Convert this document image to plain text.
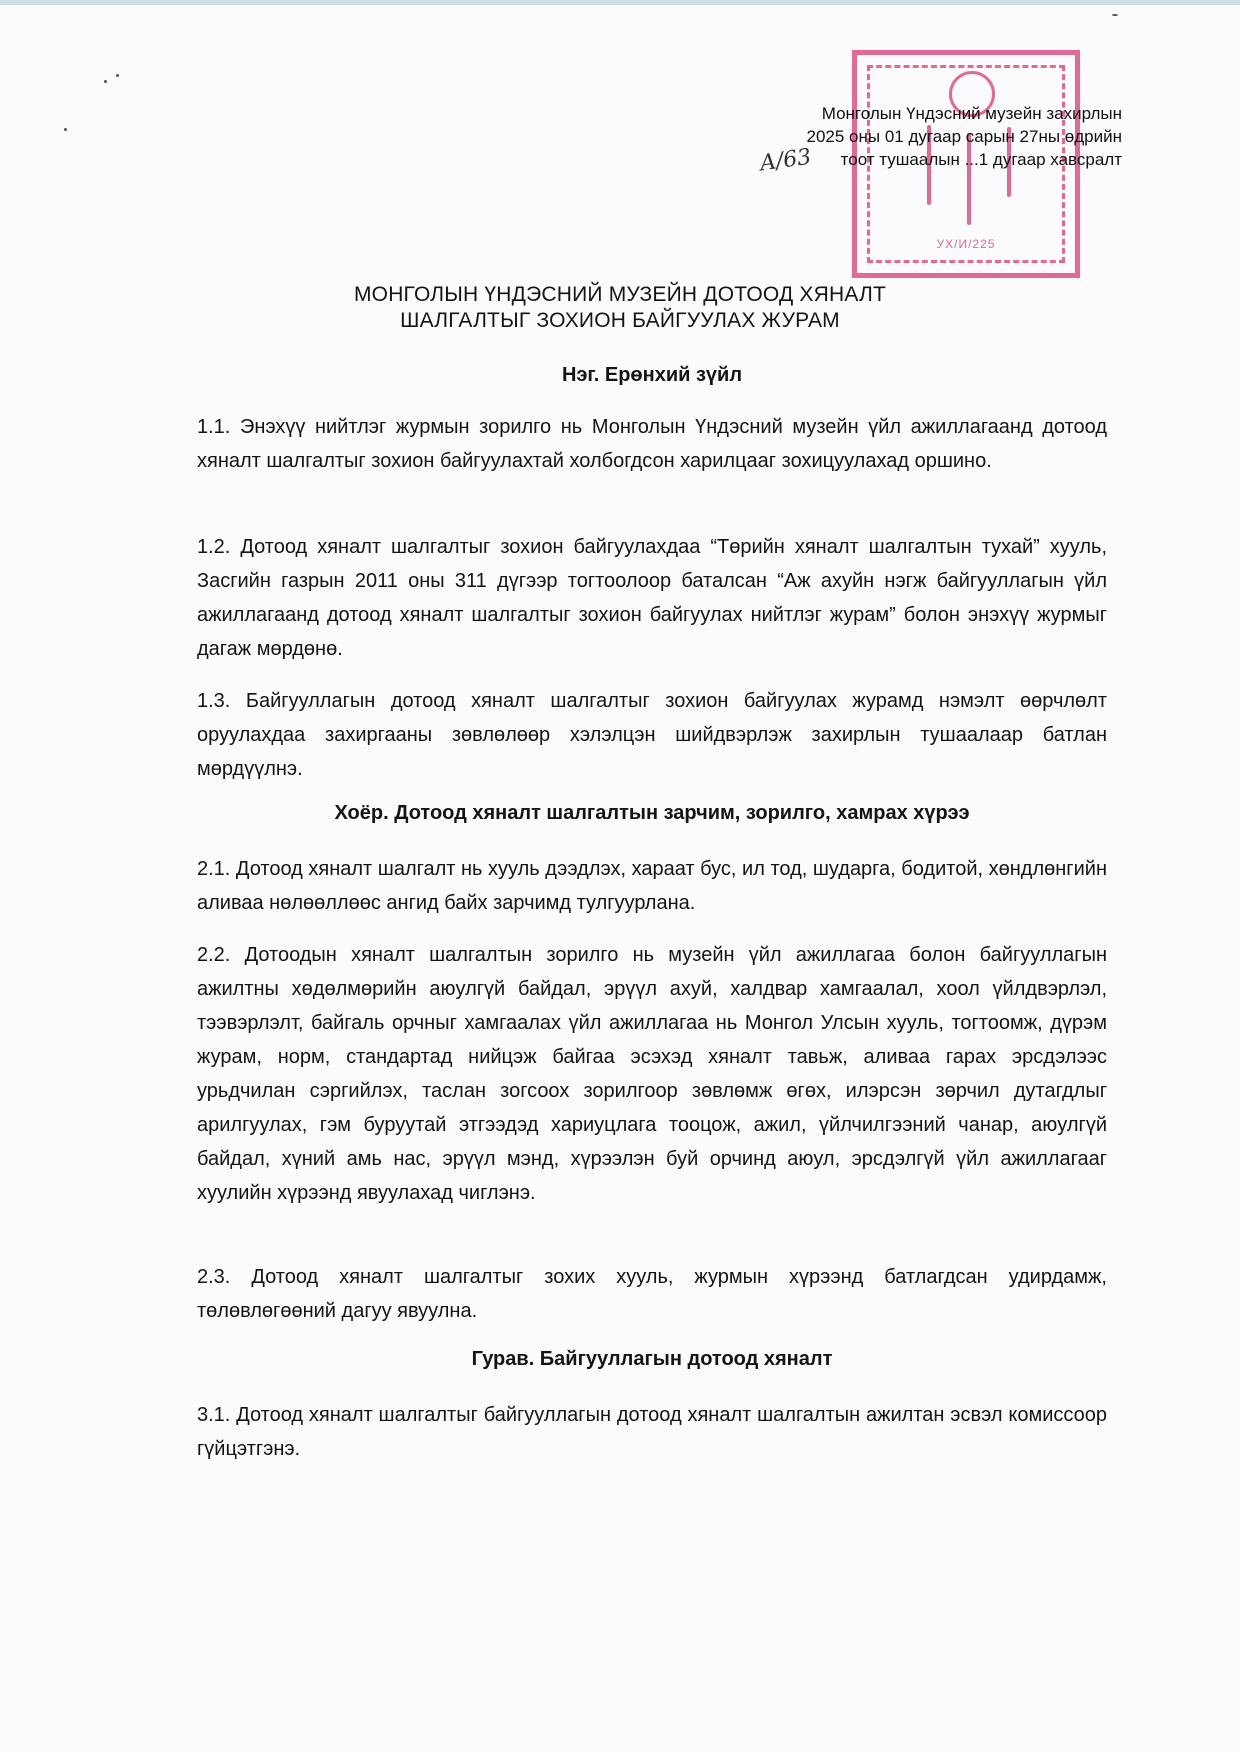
УХ/И/225
Монголын Үндэсний музейн захирлын
2025 оны 01 дугаар сарын 27ны өдрийн
тоот тушаалын ...1 дугаар хавсралт
A/63
МОНГОЛЫН ҮНДЭСНИЙ МУЗЕЙН ДОТООД ХЯНАЛТ
ШАЛГАЛТЫГ ЗОХИОН БАЙГУУЛАХ ЖУРАМ
Нэг. Ерөнхий зүйл
1.1. Энэхүү нийтлэг журмын зорилго нь Монголын Үндэсний музейн үйл ажиллагаанд дотоод хяналт шалгалтыг зохион байгуулахтай холбогдсон харилцааг зохицуулахад оршино.
1.2. Дотоод хяналт шалгалтыг зохион байгуулахдаа “Төрийн хяналт шалгалтын тухай” хууль, Засгийн газрын 2011 оны 311 дүгээр тогтоолоор баталсан “Аж ахуйн нэгж байгууллагын үйл ажиллагаанд дотоод хяналт шалгалтыг зохион байгуулах нийтлэг журам” болон энэхүү журмыг дагаж мөрдөнө.
1.3. Байгууллагын дотоод хяналт шалгалтыг зохион байгуулах журамд нэмэлт өөрчлөлт оруулахдаа захиргааны зөвлөлөөр хэлэлцэн шийдвэрлэж захирлын тушаалаар батлан мөрдүүлнэ.
Хоёр. Дотоод хяналт шалгалтын зарчим, зорилго, хамрах хүрээ
2.1. Дотоод хяналт шалгалт нь хууль дээдлэх, хараат бус, ил тод, шударга, бодитой, хөндлөнгийн аливаа нөлөөллөөс ангид байх зарчимд тулгуурлана.
2.2. Дотоодын хяналт шалгалтын зорилго нь музейн үйл ажиллагаа болон байгууллагын ажилтны хөдөлмөрийн аюулгүй байдал, эрүүл ахуй, халдвар хамгаалал, хоол үйлдвэрлэл, тээвэрлэлт, байгаль орчныг хамгаалах үйл ажиллагаа нь Монгол Улсын хууль, тогтоомж, дүрэм журам, норм, стандартад нийцэж байгаа эсэхэд хяналт тавьж, аливаа гарах эрсдэлээс урьдчилан сэргийлэх, таслан зогсоох зорилгоор зөвлөмж өгөх, илэрсэн зөрчил дутагдлыг арилгуулах, гэм буруутай этгээдэд хариуцлага тооцож, ажил, үйлчилгээний чанар, аюулгүй байдал, хүний амь нас, эрүүл мэнд, хүрээлэн буй орчинд аюул, эрсдэлгүй үйл ажиллагааг хуулийн хүрээнд явуулахад чиглэнэ.
2.3. Дотоод хяналт шалгалтыг зохих хууль, журмын хүрээнд батлагдсан удирдамж, төлөвлөгөөний дагуу явуулна.
Гурав. Байгууллагын дотоод хяналт
3.1. Дотоод хяналт шалгалтыг байгууллагын дотоод хяналт шалгалтын ажилтан эсвэл комиссоор гүйцэтгэнэ.
